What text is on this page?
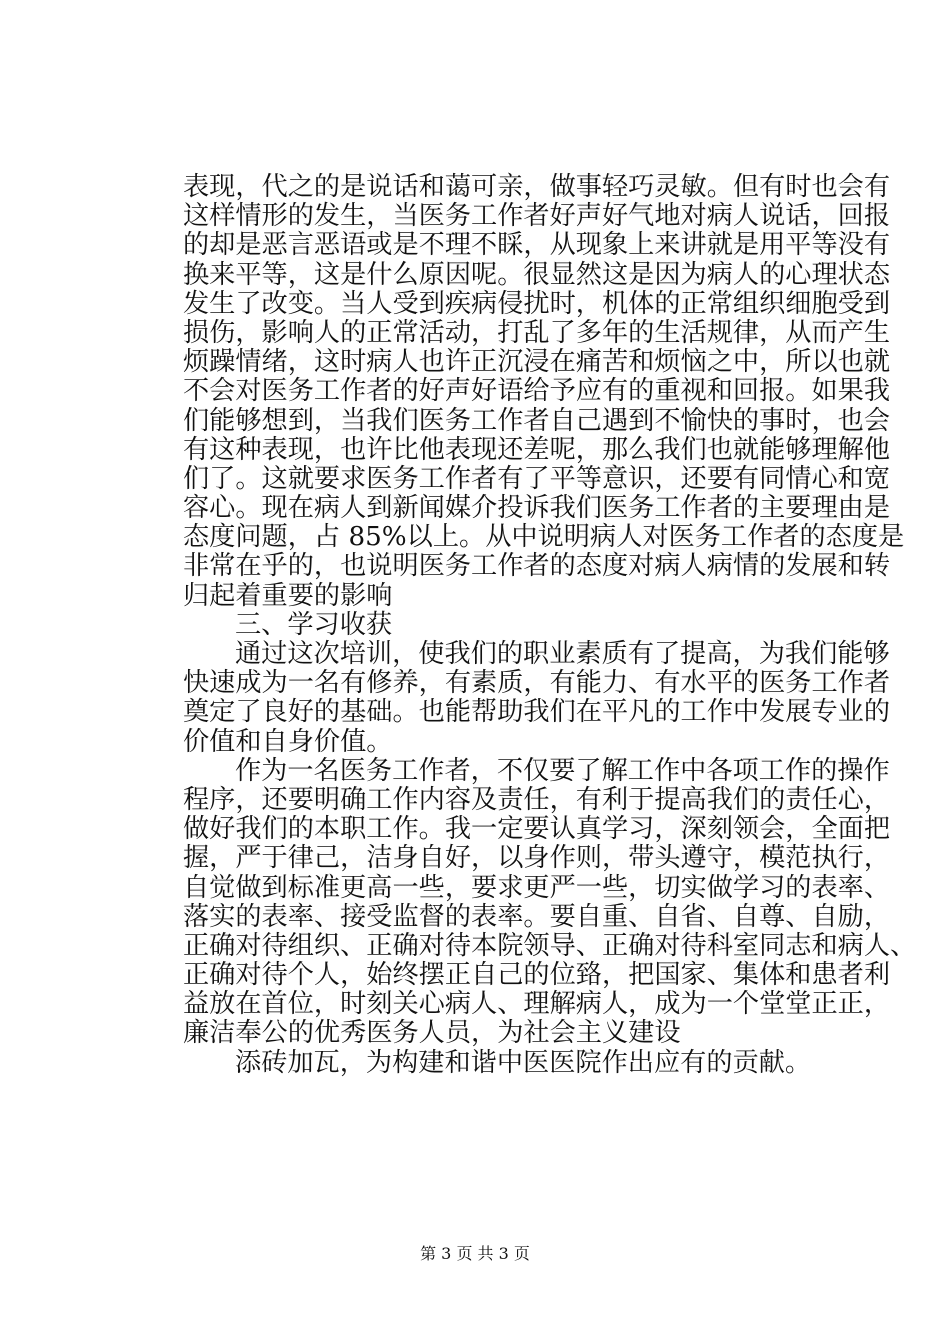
表现，代之的是说话和蔼可亲，做事轻巧灵敏。但有时也会有
这样情形的发生，当医务工作者好声好气地对病人说话，回报
的却是恶言恶语或是不理不睬，从现象上来讲就是用平等没有
换来平等，这是什么原因呢。很显然这是因为病人的心理状态
发生了改变。当人受到疾病侵扰时，机体的正常组织细胞受到
损伤，影响人的正常活动，打乱了多年的生活规律，从而产生
烦躁情绪，这时病人也许正沉浸在痛苦和烦恼之中，所以也就
不会对医务工作者的好声好语给予应有的重视和回报。如果我
们能够想到，当我们医务工作者自己遇到不愉快的事时，也会
有这种表现，也许比他表现还差呢，那么我们也就能够理解他
们了。这就要求医务工作者有了平等意识，还要有同情心和宽
容心。现在病人到新闻媒介投诉我们医务工作者的主要理由是
态度问题，占 85%以上。从中说明病人对医务工作者的态度是
非常在乎的，也说明医务工作者的态度对病人病情的发展和转
归起着重要的影响
三、学习收获
通过这次培训，使我们的职业素质有了提高，为我们能够
快速成为一名有修养，有素质，有能力、有水平的医务工作者
奠定了良好的基础。也能帮助我们在平凡的工作中发展专业的
价值和自身价值。
作为一名医务工作者，不仅要了解工作中各项工作的操作
程序，还要明确工作内容及责任，有利于提高我们的责任心，
做好我们的本职工作。我一定要认真学习，深刻领会，全面把
握，严于律己，洁身自好，以身作则，带头遵守，模范执行，
自觉做到标准更高一些，要求更严一些，切实做学习的表率、
落实的表率、接受监督的表率。要自重、自省、自尊、自励，
正确对待组织、正确对待本院领导、正确对待科室同志和病人、
正确对待个人，始终摆正自己的位臵，把国家、集体和患者利
益放在首位，时刻关心病人、理解病人，成为一个堂堂正正，
廉洁奉公的优秀医务人员，为社会主义建设
添砖加瓦，为构建和谐中医医院作出应有的贡献。
第 3 页 共 3 页
